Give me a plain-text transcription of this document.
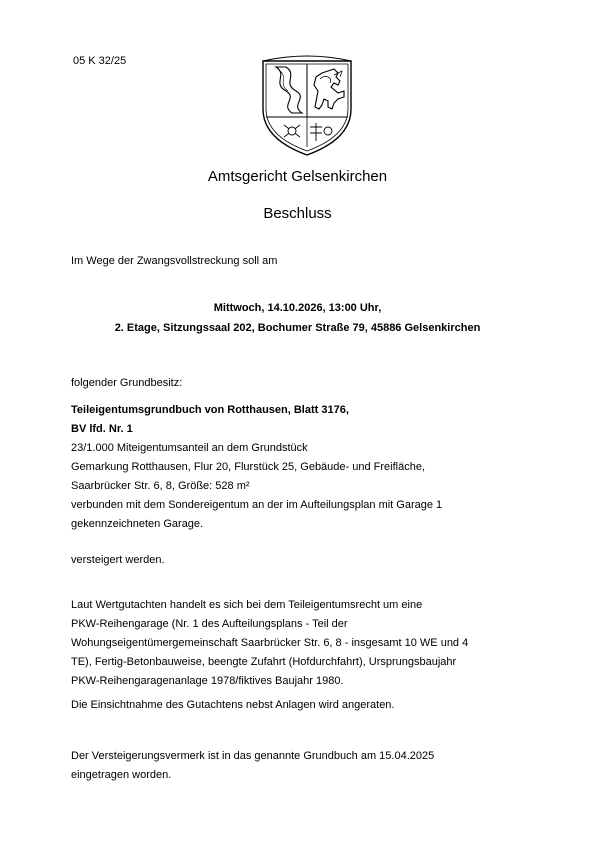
05 K 32/25
Amtsgericht Gelsenkirchen
Beschluss
Im Wege der Zwangsvollstreckung soll am
Mittwoch, 14.10.2026, 13:00 Uhr,
2. Etage, Sitzungssaal 202, Bochumer Straße 79, 45886 Gelsenkirchen
folgender Grundbesitz:
Teileigentumsgrundbuch von Rotthausen, Blatt 3176,
BV lfd. Nr. 1
23/1.000 Miteigentumsanteil an dem Grundstück
Gemarkung Rotthausen, Flur 20, Flurstück 25, Gebäude- und Freifläche,
Saarbrücker Str. 6, 8, Größe: 528 m²
verbunden mit dem Sondereigentum an der im Aufteilungsplan mit Garage 1
gekennzeichneten Garage.
versteigert werden.
Laut Wertgutachten handelt es sich bei dem Teileigentumsrecht um eine
PKW-Reihengarage (Nr. 1 des Aufteilungsplans - Teil der
Wohungseigentümergemeinschaft Saarbrücker Str. 6, 8 - insgesamt 10 WE und 4
TE), Fertig-Betonbauweise, beengte Zufahrt (Hofdurchfahrt), Ursprungsbaujahr
PKW-Reihengaragenanlage 1978/fiktives Baujahr 1980.
Die Einsichtnahme des Gutachtens nebst Anlagen wird angeraten.
Der Versteigerungsvermerk ist in das genannte Grundbuch am 15.04.2025
eingetragen worden.
